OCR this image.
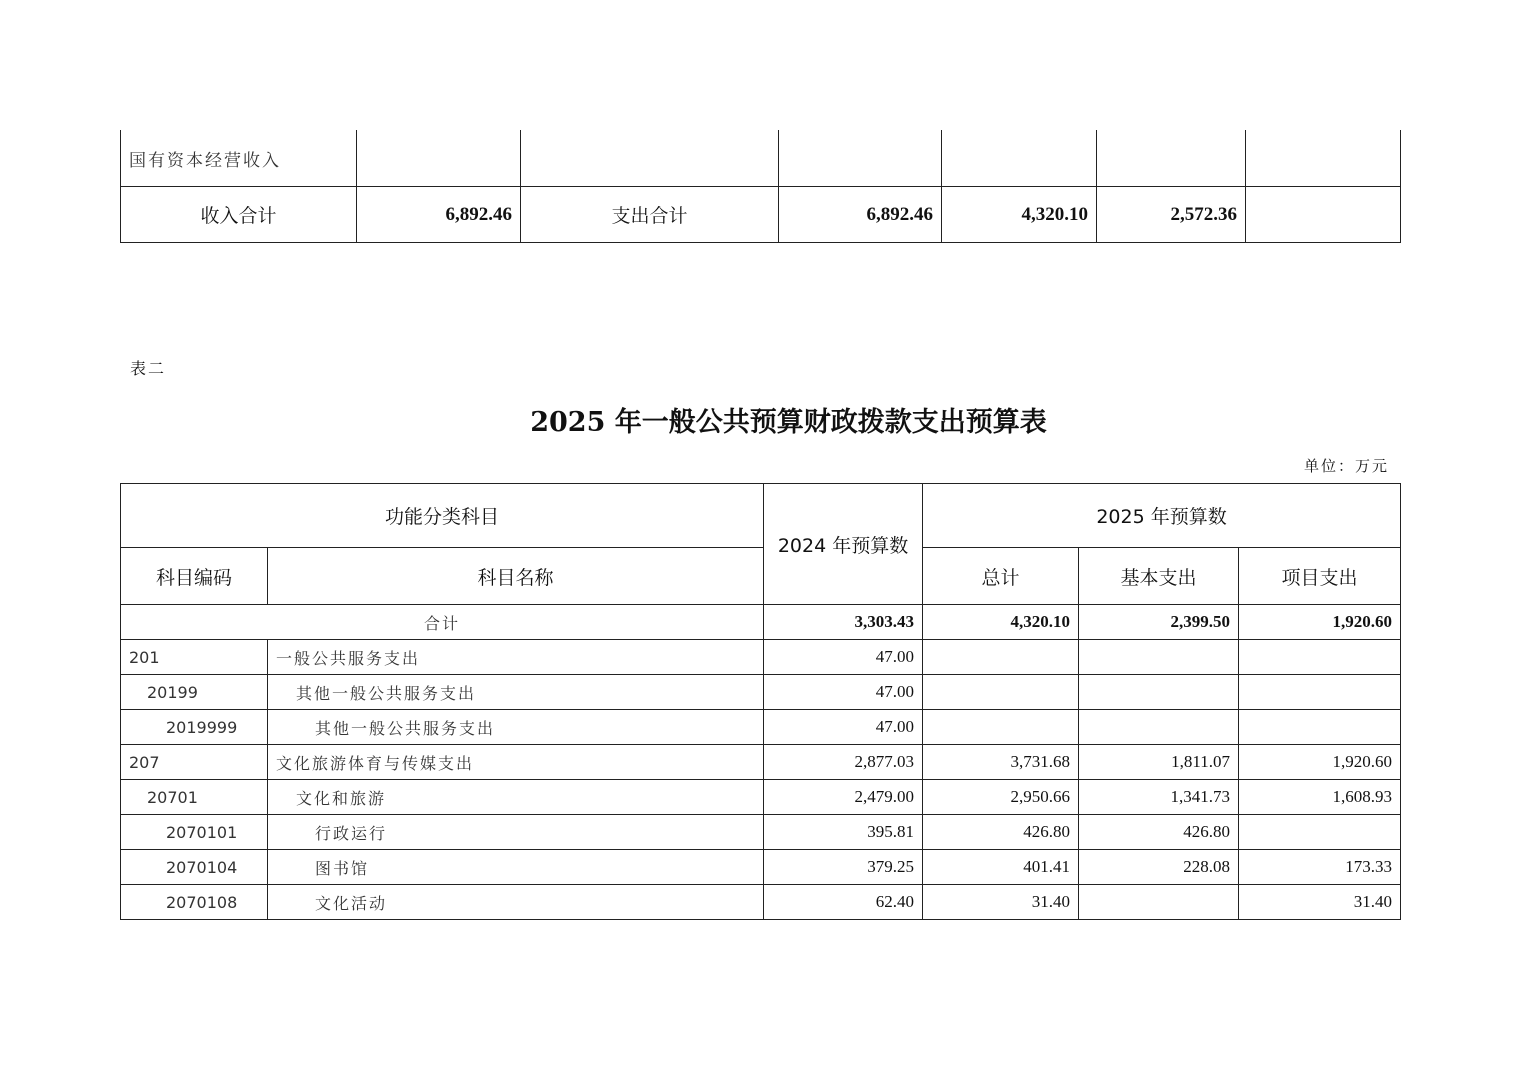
国有资本经营收入						
收入合计	6,892.46	支出合计	6,892.46	4,320.10	2,572.36	
表二
2025 年一般公共预算财政拨款支出预算表
单位：万元
功能分类科目		2024 年预算数	2025 年预算数		
科目编码	科目名称		总计	基本支出	项目支出
合计		3,303.43	4,320.10	2,399.50	1,920.60
201	一般公共服务支出	47.00			
20199	其他一般公共服务支出	47.00			
2019999	其他一般公共服务支出	47.00			
207	文化旅游体育与传媒支出	2,877.03	3,731.68	1,811.07	1,920.60
20701	文化和旅游	2,479.00	2,950.66	1,341.73	1,608.93
2070101	行政运行	395.81	426.80	426.80	
2070104	图书馆	379.25	401.41	228.08	173.33
2070108	文化活动	62.40	31.40		31.40
